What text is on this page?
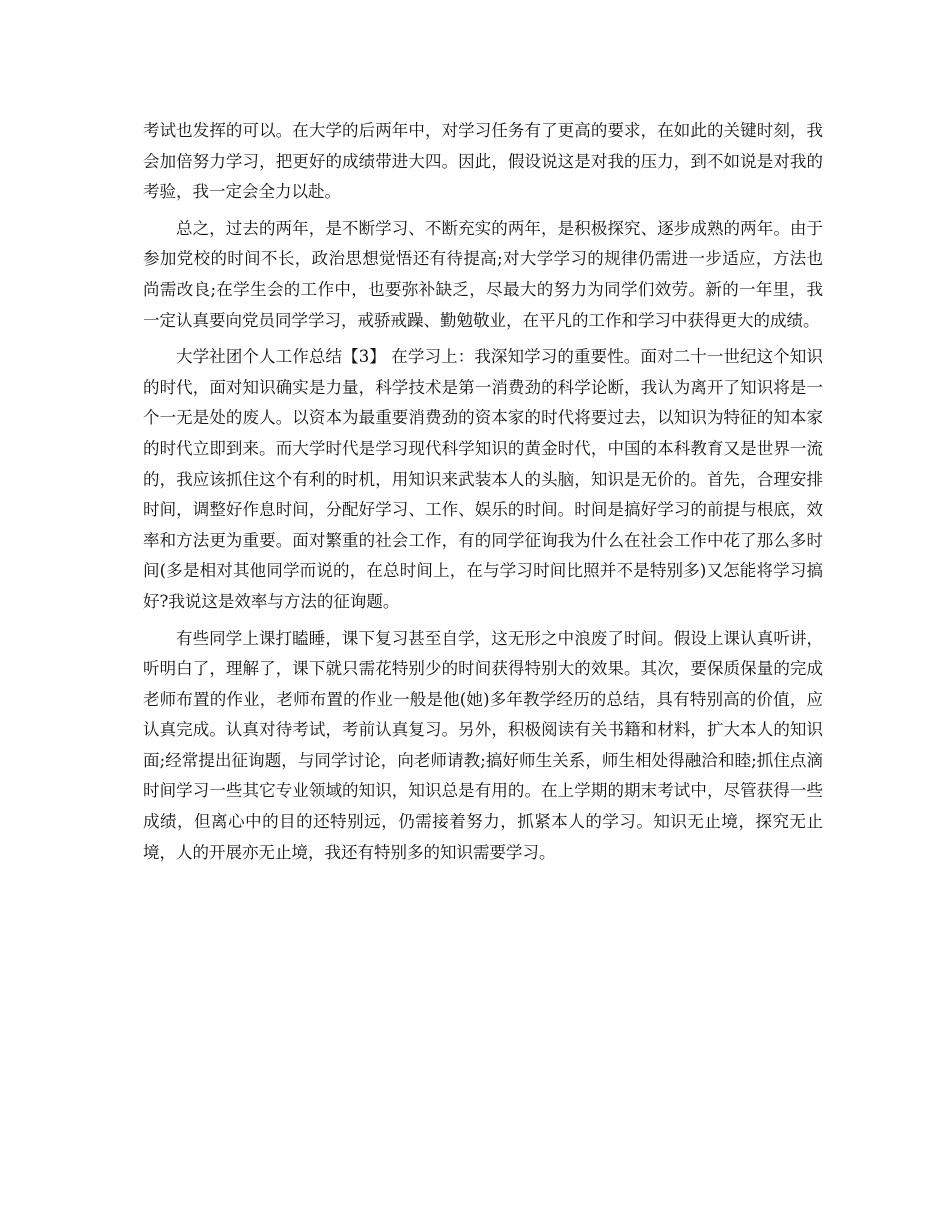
考试也发挥的可以。在大学的后两年中，对学习任务有了更高的要求，在如此的关键时刻，我会加倍努力学习，把更好的成绩带进大四。因此，假设说这是对我的压力，到不如说是对我的考验，我一定会全力以赴。

总之，过去的两年，是不断学习、不断充实的两年，是积极探究、逐步成熟的两年。由于参加党校的时间不长，政治思想觉悟还有待提高;对大学学习的规律仍需进一步适应，方法也尚需改良;在学生会的工作中，也要弥补缺乏，尽最大的努力为同学们效劳。新的一年里，我一定认真要向党员同学学习，戒骄戒躁、勤勉敬业，在平凡的工作和学习中获得更大的成绩。

大学社团个人工作总结【3】 在学习上：我深知学习的重要性。面对二十一世纪这个知识的时代，面对知识确实是力量，科学技术是第一消费劲的科学论断，我认为离开了知识将是一个一无是处的废人。以资本为最重要消费劲的资本家的时代将要过去，以知识为特征的知本家的时代立即到来。而大学时代是学习现代科学知识的黄金时代，中国的本科教育又是世界一流的，我应该抓住这个有利的时机，用知识来武装本人的头脑，知识是无价的。首先，合理安排时间，调整好作息时间，分配好学习、工作、娱乐的时间。时间是搞好学习的前提与根底，效率和方法更为重要。面对繁重的社会工作，有的同学征询我为什么在社会工作中花了那么多时间(多是相对其他同学而说的，在总时间上，在与学习时间比照并不是特别多)又怎能将学习搞好?我说这是效率与方法的征询题。

有些同学上课打瞌睡，课下复习甚至自学，这无形之中浪废了时间。假设上课认真听讲，听明白了，理解了，课下就只需花特别少的时间获得特别大的效果。其次，要保质保量的完成老师布置的作业，老师布置的作业一般是他(她)多年教学经历的总结，具有特别高的价值，应认真完成。认真对待考试，考前认真复习。另外，积极阅读有关书籍和材料，扩大本人的知识面;经常提出征询题，与同学讨论，向老师请教;搞好师生关系，师生相处得融洽和睦;抓住点滴时间学习一些其它专业领域的知识，知识总是有用的。在上学期的期末考试中，尽管获得一些成绩，但离心中的目的还特别远，仍需接着努力，抓紧本人的学习。知识无止境，探究无止境，人的开展亦无止境，我还有特别多的知识需要学习。
